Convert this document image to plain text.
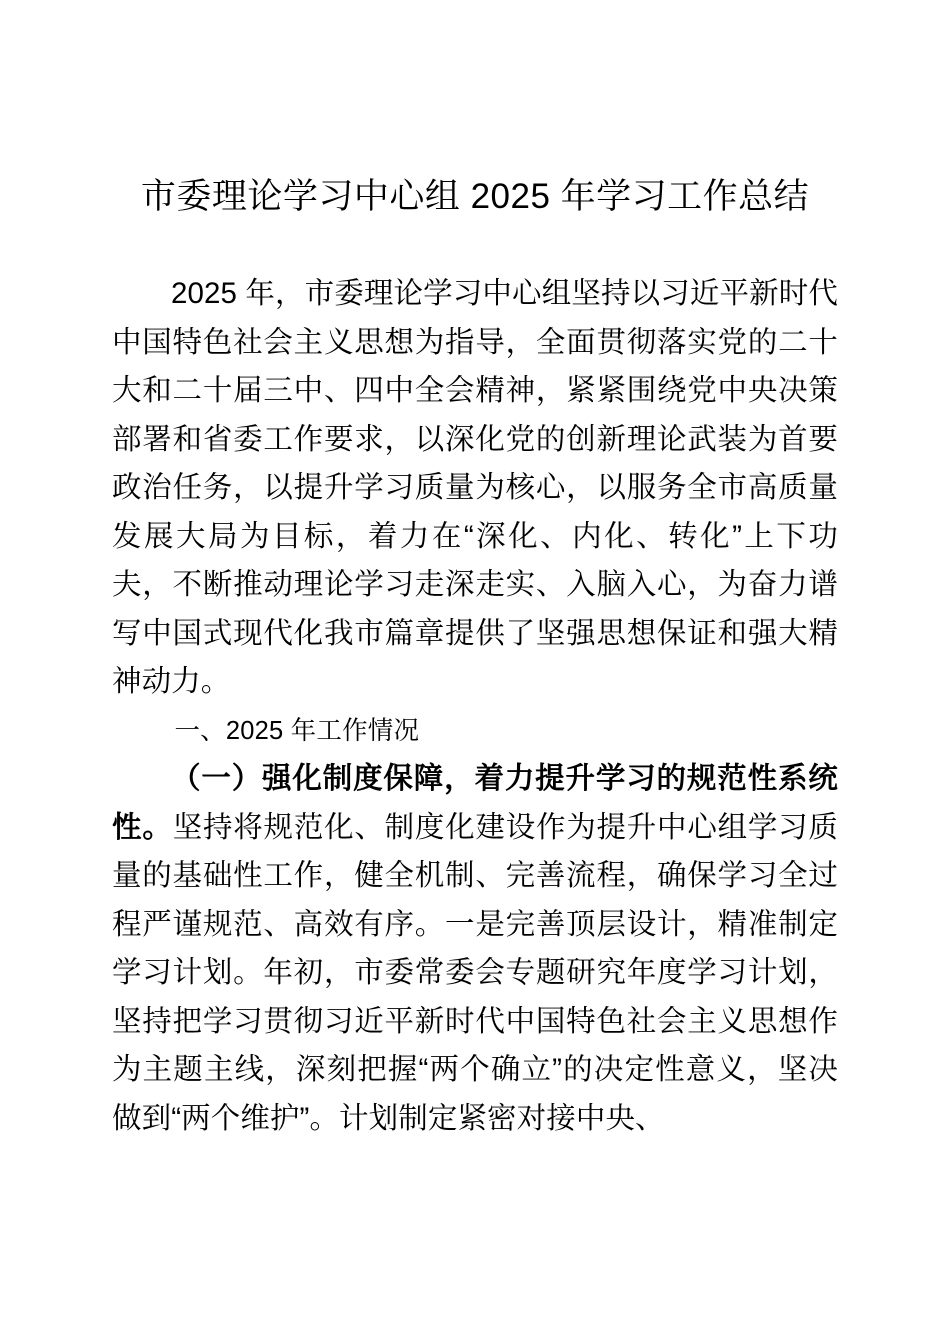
市委理论学习中心组 2025 年学习工作总结

2025 年，市委理论学习中心组坚持以习近平新时代中国特色社会主义思想为指导，全面贯彻落实党的二十大和二十届三中、四中全会精神，紧紧围绕党中央决策部署和省委工作要求，以深化党的创新理论武装为首要政治任务，以提升学习质量为核心，以服务全市高质量发展大局为目标，着力在“深化、内化、转化”上下功夫，不断推动理论学习走深走实、入脑入心，为奋力谱写中国式现代化我市篇章提供了坚强思想保证和强大精神动力。

一、2025 年工作情况

（一）强化制度保障，着力提升学习的规范性系统性。坚持将规范化、制度化建设作为提升中心组学习质量的基础性工作，健全机制、完善流程，确保学习全过程严谨规范、高效有序。一是完善顶层设计，精准制定学习计划。年初，市委常委会专题研究年度学习计划，坚持把学习贯彻习近平新时代中国特色社会主义思想作为主题主线，深刻把握“两个确立”的决定性意义，坚决做到“两个维护”。计划制定紧密对接中央、
